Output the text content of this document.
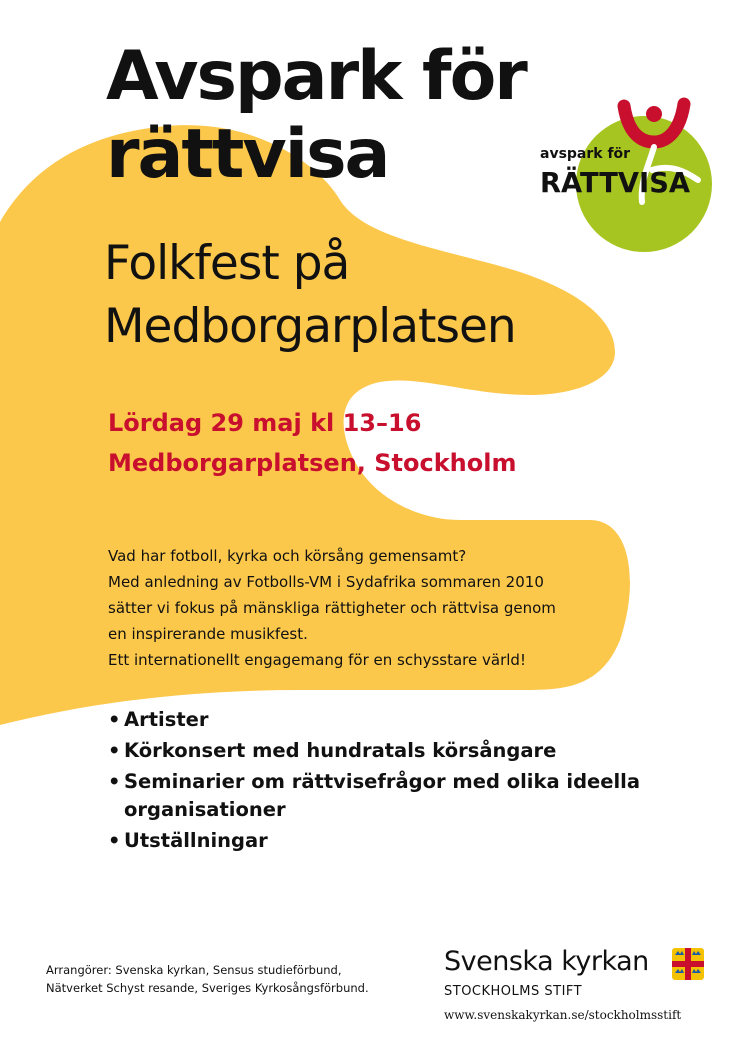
avspark för
RÄTTVISA
Avspark för
rättvisa
Folkfest på
Medborgarplatsen
Lördag 29 maj kl 13–16
Medborgarplatsen, Stockholm
Vad har fotboll, kyrka och körsång gemensamt?
Med anledning av Fotbolls-VM i Sydafrika sommaren 2010
sätter vi fokus på mänskliga rättigheter och rättvisa genom
en inspirerande musikfest.
Ett internationellt engagemang för en schysstare värld!
• Artister
• Körkonsert med hundratals körsångare
• Seminarier om rättvisefrågor med olika ideella organisationer
• Utställningar
Arrangörer: Svenska kyrkan, Sensus studieförbund,
Nätverket Schyst resande, Sveriges Kyrkosångsförbund.
Svenska kyrkan
STOCKHOLMS STIFT
www.svenskakyrkan.se/stockholmsstift
